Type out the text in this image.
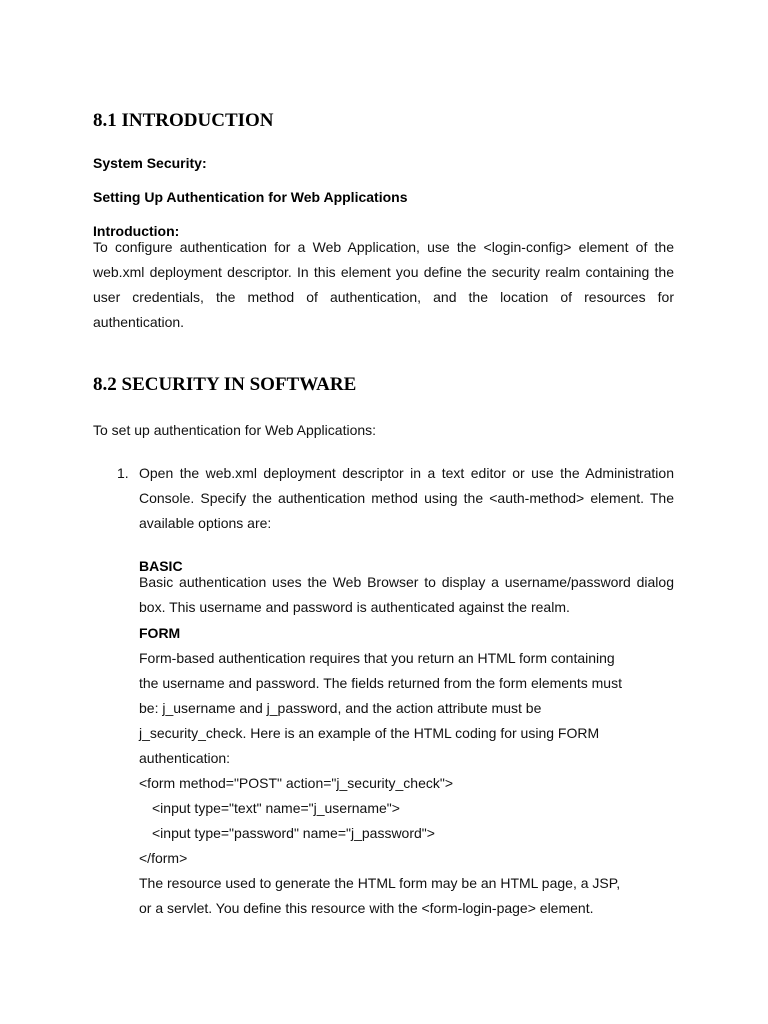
8.1 INTRODUCTION
System Security:
Setting Up Authentication for Web Applications
Introduction:
To configure authentication for a Web Application, use the <login-config> element of the web.xml deployment descriptor. In this element you define the security realm containing the user credentials, the method of authentication, and the location of resources for authentication.
8.2 SECURITY IN SOFTWARE
To set up authentication for Web Applications:
1. Open the web.xml deployment descriptor in a text editor or use the Administration Console. Specify the authentication method using the <auth-method> element. The available options are:
BASIC
Basic authentication uses the Web Browser to display a username/password dialog box. This username and password is authenticated against the realm.
FORM
Form-based authentication requires that you return an HTML form containing
the username and password. The fields returned from the form elements must
be: j_username and j_password, and the action attribute must be
j_security_check. Here is an example of the HTML coding for using FORM
authentication:
<form method="POST" action="j_security_check">
<input type="text" name="j_username">
<input type="password" name="j_password">
</form>
The resource used to generate the HTML form may be an HTML page, a JSP,
or a servlet. You define this resource with the <form-login-page> element.
